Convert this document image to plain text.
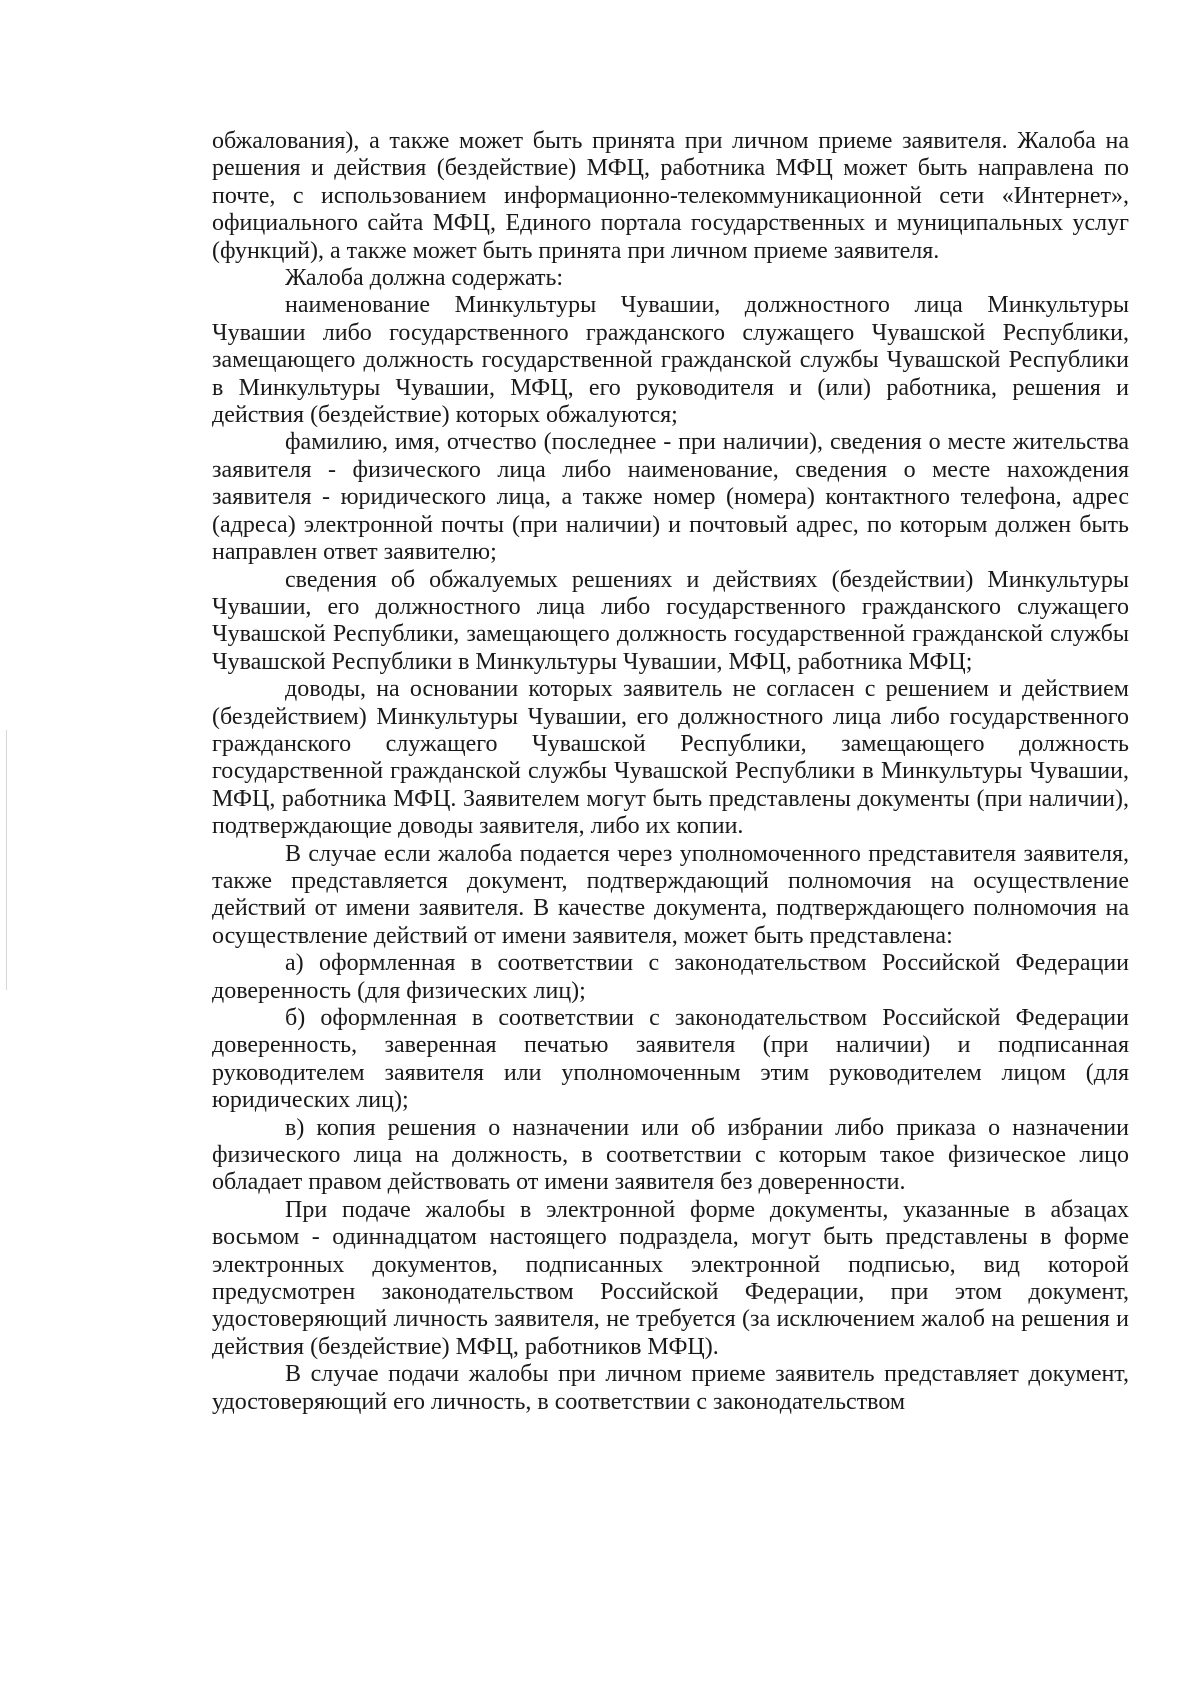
обжалования), а также может быть принята при личном приеме заявителя. Жалоба на решения и действия (бездействие) МФЦ, работника МФЦ может быть направлена по почте, с использованием информационно-телекоммуникационной сети «Интернет», официального сайта МФЦ, Единого портала государственных и муниципальных услуг (функций), а также может быть принята при личном приеме заявителя.

Жалоба должна содержать:

наименование Минкультуры Чувашии, должностного лица Минкультуры Чувашии либо государственного гражданского служащего Чувашской Республики, замещающего должность государственной гражданской службы Чувашской Республики в Минкультуры Чувашии, МФЦ, его руководителя и (или) работника, решения и действия (бездействие) которых обжалуются;

фамилию, имя, отчество (последнее - при наличии), сведения о месте жительства заявителя - физического лица либо наименование, сведения о месте нахождения заявителя - юридического лица, а также номер (номера) контактного телефона, адрес (адреса) электронной почты (при наличии) и почтовый адрес, по которым должен быть направлен ответ заявителю;

сведения об обжалуемых решениях и действиях (бездействии) Минкультуры Чувашии, его должностного лица либо государственного гражданского служащего Чувашской Республики, замещающего должность государственной гражданской службы Чувашской Республики в Минкультуры Чувашии, МФЦ, работника МФЦ;

доводы, на основании которых заявитель не согласен с решением и действием (бездействием) Минкультуры Чувашии, его должностного лица либо государственного гражданского служащего Чувашской Республики, замещающего должность государственной гражданской службы Чувашской Республики в Минкультуры Чувашии, МФЦ, работника МФЦ. Заявителем могут быть представлены документы (при наличии), подтверждающие доводы заявителя, либо их копии.

В случае если жалоба подается через уполномоченного представителя заявителя, также представляется документ, подтверждающий полномочия на осуществление действий от имени заявителя. В качестве документа, подтверждающего полномочия на осуществление действий от имени заявителя, может быть представлена:

а) оформленная в соответствии с законодательством Российской Федерации доверенность (для физических лиц);

б) оформленная в соответствии с законодательством Российской Федерации доверенность, заверенная печатью заявителя (при наличии) и подписанная руководителем заявителя или уполномоченным этим руководителем лицом (для юридических лиц);

в) копия решения о назначении или об избрании либо приказа о назначении физического лица на должность, в соответствии с которым такое физическое лицо обладает правом действовать от имени заявителя без доверенности.

При подаче жалобы в электронной форме документы, указанные в абзацах восьмом - одиннадцатом настоящего подраздела, могут быть представлены в форме электронных документов, подписанных электронной подписью, вид которой предусмотрен законодательством Российской Федерации, при этом документ, удостоверяющий личность заявителя, не требуется (за исключением жалоб на решения и действия (бездействие) МФЦ, работников МФЦ).

В случае подачи жалобы при личном приеме заявитель представляет документ, удостоверяющий его личность, в соответствии с законодательством
